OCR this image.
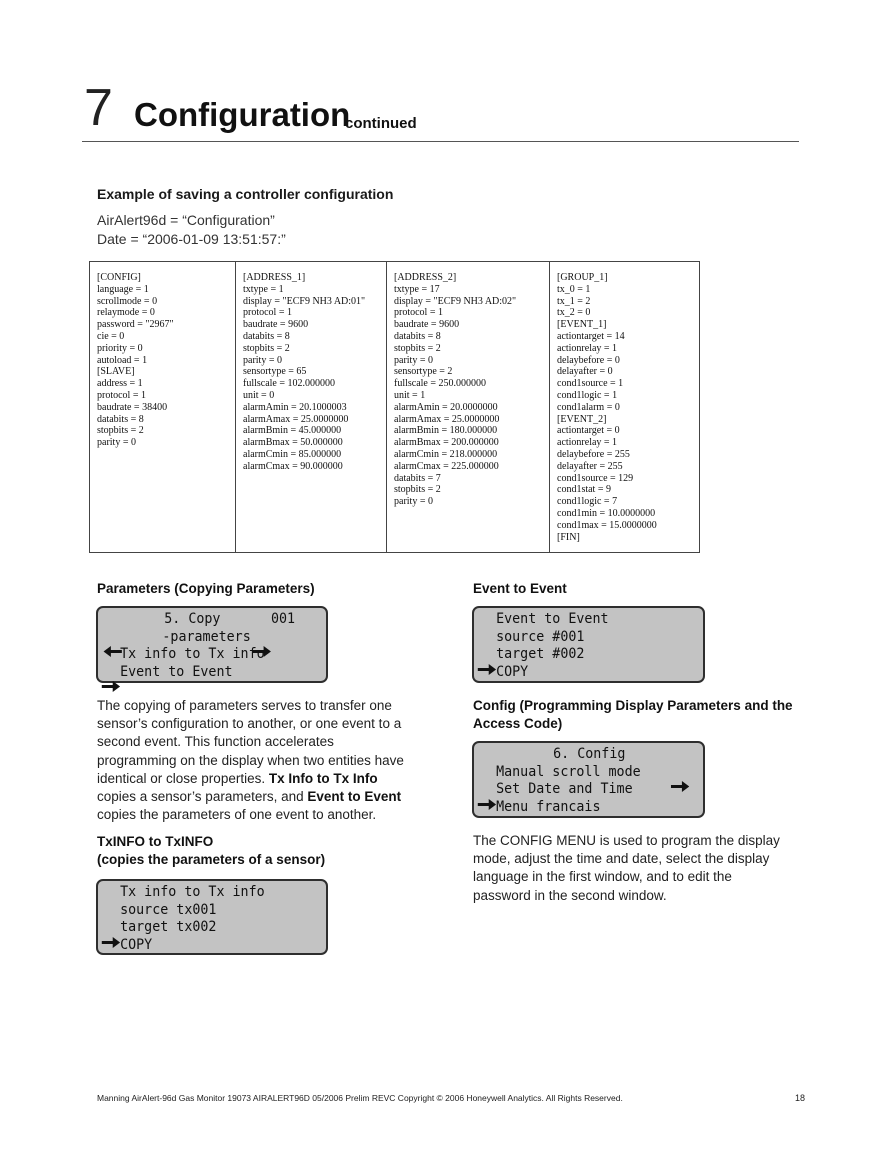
7 Configuration
continued
Example of saving a controller configuration
AirAlert96d = “Configuration”
Date = “2006-01-09 13:51:57:”
[CONFIG]
language = 1
scrollmode = 0
relaymode = 0
password = "2967"
cie = 0
priority = 0
autoload = 1
[SLAVE]
address = 1
protocol = 1
baudrate = 38400
databits = 8
stopbits = 2
parity = 0
[ADDRESS_1]
txtype = 1
display = "ECF9 NH3 AD:01"
protocol = 1
baudrate = 9600
databits = 8
stopbits = 2
parity = 0
sensortype = 65
fullscale = 102.000000
unit = 0
alarmAmin = 20.1000003
alarmAmax = 25.0000000
alarmBmin = 45.000000
alarmBmax = 50.000000
alarmCmin = 85.000000
alarmCmax = 90.000000
[ADDRESS_2]
txtype = 17
display = "ECF9 NH3 AD:02"
protocol = 1
baudrate = 9600
databits = 8
stopbits = 2
parity = 0
sensortype = 2
fullscale = 250.000000
unit = 1
alarmAmin = 20.0000000
alarmAmax = 25.0000000
alarmBmin = 180.000000
alarmBmax = 200.000000
alarmCmin = 218.000000
alarmCmax = 225.000000
databits = 7
stopbits = 2
parity = 0
[GROUP_1]
tx_0 = 1
tx_1 = 2
tx_2 = 0
[EVENT_1]
actiontarget = 14
actionrelay = 1
delaybefore = 0
delayafter = 0
cond1source = 1
cond1logic = 1
cond1alarm = 0
[EVENT_2]
actiontarget = 0
actionrelay = 1
delaybefore = 255
delayafter = 255
cond1source = 129
cond1stat = 9
cond1logic = 7
cond1min = 10.0000000
cond1max = 15.0000000
[FIN]
Parameters (Copying Parameters)

5. Copy

	001

-parameters

Tx info to Tx info

Event to Event
The copying of parameters serves to transfer one sensor’s configuration to another, or one event to a second event. This function accelerates programming on the display when two entities have identical or close properties. Tx Info to Tx Info copies a sensor’s parameters, and Event to Event copies the parameters of one event to another.
TxINFO to TxINFO
(copies the parameters of a sensor)
Tx info to Tx info

source tx001

target tx002
COPY
Event to Event
Event to Event

source #001

target #002
COPY
Config (Programming Display Parameters and the
Access Code)

6. Config

Manual scroll mode

Set Date and Time
Menu francais
The CONFIG MENU is used to program the display mode, adjust the time and date, select the display language in the first window, and to edit the password in the second window.
Manning AirAlert-96d Gas Monitor 19073 AIRALERT96D 05/2006 Prelim REVC Copyright © 2006 Honeywell Analytics. All Rights Reserved.	18
